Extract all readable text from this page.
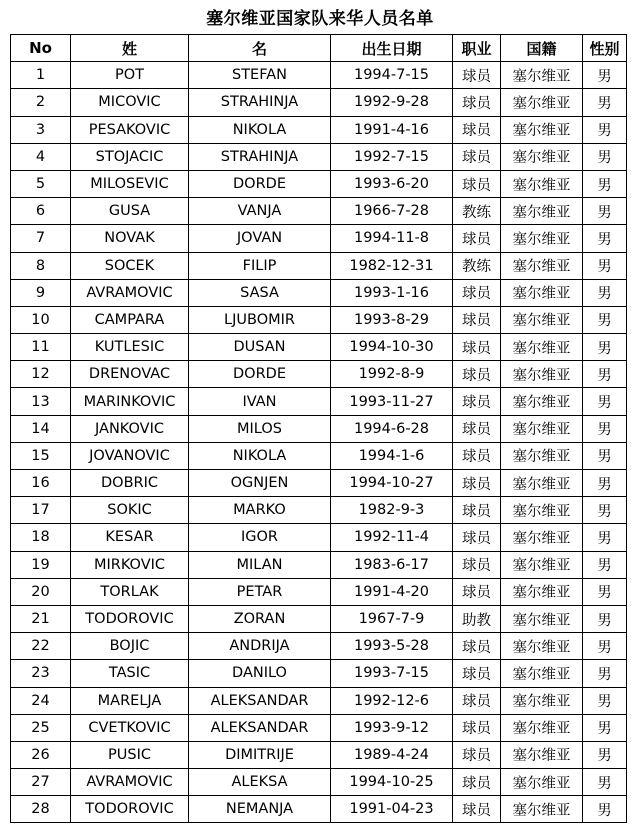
塞尔维亚国家队来华人员名单
No	姓	名	出生日期	职业	国籍	性别
1	POT	STEFAN	1994-7-15	球员	塞尔维亚	男
2	MICOVIC	STRAHINJA	1992-9-28	球员	塞尔维亚	男
3	PESAKOVIC	NIKOLA	1991-4-16	球员	塞尔维亚	男
4	STOJACIC	STRAHINJA	1992-7-15	球员	塞尔维亚	男
5	MILOSEVIC	DORDE	1993-6-20	球员	塞尔维亚	男
6	GUSA	VANJA	1966-7-28	教练	塞尔维亚	男
7	NOVAK	JOVAN	1994-11-8	球员	塞尔维亚	男
8	SOCEK	FILIP	1982-12-31	教练	塞尔维亚	男
9	AVRAMOVIC	SASA	1993-1-16	球员	塞尔维亚	男
10	CAMPARA	LJUBOMIR	1993-8-29	球员	塞尔维亚	男
11	KUTLESIC	DUSAN	1994-10-30	球员	塞尔维亚	男
12	DRENOVAC	DORDE	1992-8-9	球员	塞尔维亚	男
13	MARINKOVIC	IVAN	1993-11-27	球员	塞尔维亚	男
14	JANKOVIC	MILOS	1994-6-28	球员	塞尔维亚	男
15	JOVANOVIC	NIKOLA	1994-1-6	球员	塞尔维亚	男
16	DOBRIC	OGNJEN	1994-10-27	球员	塞尔维亚	男
17	SOKIC	MARKO	1982-9-3	球员	塞尔维亚	男
18	KESAR	IGOR	1992-11-4	球员	塞尔维亚	男
19	MIRKOVIC	MILAN	1983-6-17	球员	塞尔维亚	男
20	TORLAK	PETAR	1991-4-20	球员	塞尔维亚	男
21	TODOROVIC	ZORAN	1967-7-9	助教	塞尔维亚	男
22	BOJIC	ANDRIJA	1993-5-28	球员	塞尔维亚	男
23	TASIC	DANILO	1993-7-15	球员	塞尔维亚	男
24	MARELJA	ALEKSANDAR	1992-12-6	球员	塞尔维亚	男
25	CVETKOVIC	ALEKSANDAR	1993-9-12	球员	塞尔维亚	男
26	PUSIC	DIMITRIJE	1989-4-24	球员	塞尔维亚	男
27	AVRAMOVIC	ALEKSA	1994-10-25	球员	塞尔维亚	男
28	TODOROVIC	NEMANJA	1991-04-23	球员	塞尔维亚	男
